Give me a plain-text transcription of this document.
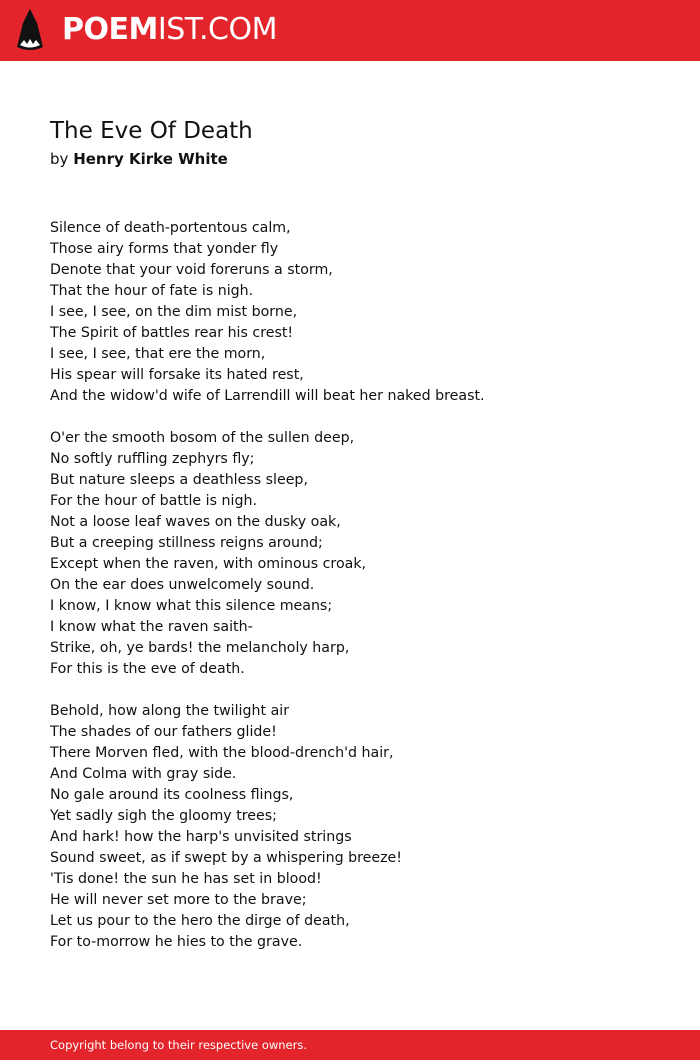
POEMIST.COM
The Eve Of Death
by Henry Kirke White
Silence of death-portentous calm,
Those airy forms that yonder fly
Denote that your void foreruns a storm,
That the hour of fate is nigh.
I see, I see, on the dim mist borne,
The Spirit of battles rear his crest!
I see, I see, that ere the morn,
His spear will forsake its hated rest,
And the widow'd wife of Larrendill will beat her naked breast.
O'er the smooth bosom of the sullen deep,
No softly ruffling zephyrs fly;
But nature sleeps a deathless sleep,
For the hour of battle is nigh.
Not a loose leaf waves on the dusky oak,
But a creeping stillness reigns around;
Except when the raven, with ominous croak,
On the ear does unwelcomely sound.
I know, I know what this silence means;
I know what the raven saith-
Strike, oh, ye bards! the melancholy harp,
For this is the eve of death.
Behold, how along the twilight air
The shades of our fathers glide!
There Morven fled, with the blood-drench'd hair,
And Colma with gray side.
No gale around its coolness flings,
Yet sadly sigh the gloomy trees;
And hark! how the harp's unvisited strings
Sound sweet, as if swept by a whispering breeze!
'Tis done! the sun he has set in blood!
He will never set more to the brave;
Let us pour to the hero the dirge of death,
For to-morrow he hies to the grave.
Copyright belong to their respective owners.
